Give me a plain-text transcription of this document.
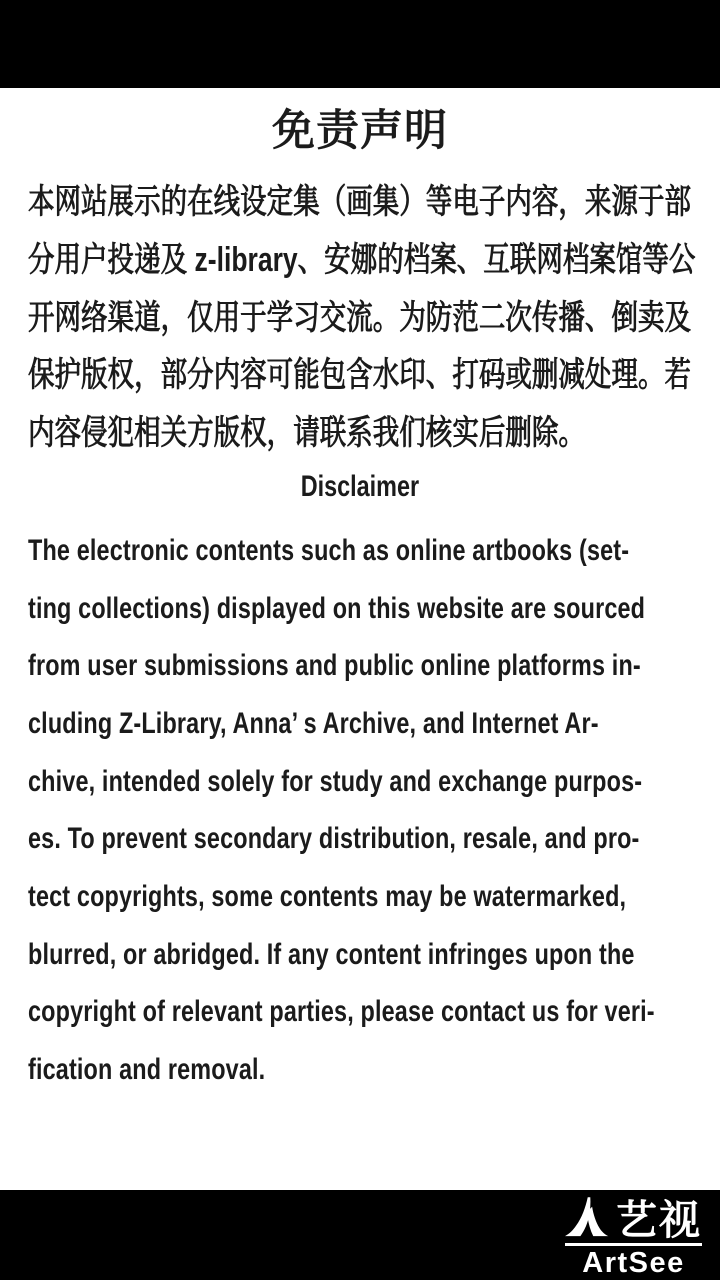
免责声明
本网站展示的在线设定集（画集）等电子内容，来源于部
分用户投递及 z-library、安娜的档案、互联网档案馆等公
开网络渠道，仅用于学习交流。为防范二次传播、倒卖及
保护版权，部分内容可能包含水印、打码或删减处理。若
内容侵犯相关方版权，请联系我们核实后删除。
Disclaimer
The electronic contents such as online artbooks (set-
ting collections) displayed on this website are sourced
from user submissions and public online platforms in-
cluding Z-Library, Anna’ s Archive, and Internet Ar-
chive, intended solely for study and exchange purpos-
es. To prevent secondary distribution, resale, and pro-
tect copyrights, some contents may be watermarked,
blurred, or abridged. If any content infringes upon the
copyright of relevant parties, please contact us for veri-
fication and removal.
艺视
ArtSee
